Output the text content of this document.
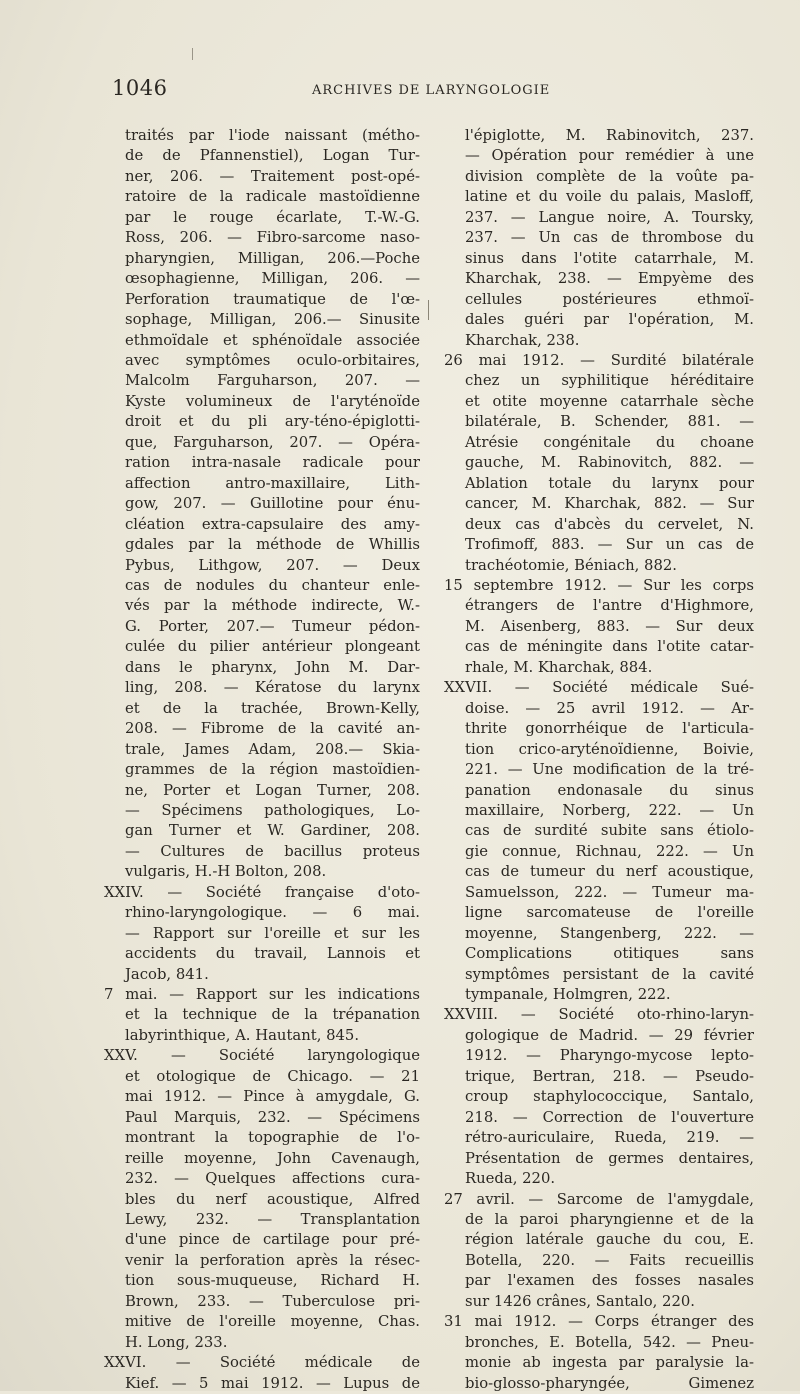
1046	ARCHIVES DE LARYNGOLOGIE
traités par l'iode naissant (métho-
de de Pfannenstiel), Logan Tur-
ner, 206. — Traitement post-opé-
ratoire de la radicale mastoïdienne
par le rouge écarlate, T.-W.-G.
Ross, 206. — Fibro-sarcome naso-
pharyngien, Milligan, 206.—Poche
œsophagienne, Milligan, 206. —
Perforation traumatique de l'œ-
sophage, Milligan, 206.— Sinusite
ethmoïdale et sphénoïdale associée
avec symptômes oculo-orbitaires,
Malcolm Farguharson, 207. —
Kyste volumineux de l'aryténoïde
droit et du pli ary-téno-épiglotti-
que, Farguharson, 207. — Opéra-
ration intra-nasale radicale pour
affection antro-maxillaire, Lith-
gow, 207. — Guillotine pour énu-
cléation extra-capsulaire des amy-
gdales par la méthode de Whillis
Pybus, Lithgow, 207. — Deux
cas de nodules du chanteur enle-
vés par la méthode indirecte, W.-
G. Porter, 207.— Tumeur pédon-
culée du pilier antérieur plongeant
dans le pharynx, John M. Dar-
ling, 208. — Kératose du larynx
et de la trachée, Brown-Kelly,
208. — Fibrome de la cavité an-
trale, James Adam, 208.— Skia-
grammes de la région mastoïdien-
ne, Porter et Logan Turner, 208.
— Spécimens pathologiques, Lo-
gan Turner et W. Gardiner, 208.
— Cultures de bacillus proteus
vulgaris, H.-H Bolton, 208.
XXIV. — Société française d'oto-
rhino-laryngologique. — 6 mai.
— Rapport sur l'oreille et sur les
accidents du travail, Lannois et
Jacob, 841.
7 mai. — Rapport sur les indications
et la technique de la trépanation
labyrinthique, A. Hautant, 845.
XXV. — Société laryngologique
et otologique de Chicago. — 21
mai 1912. — Pince à amygdale, G.
Paul Marquis, 232. — Spécimens
montrant la topographie de l'o-
reille moyenne, John Cavenaugh,
232. — Quelques affections cura-
bles du nerf acoustique, Alfred
Lewy, 232. — Transplantation
d'une pince de cartilage pour pré-
venir la perforation après la résec-
tion sous-muqueuse, Richard H.
Brown, 233. — Tuberculose pri-
mitive de l'oreille moyenne, Chas.
H. Long, 233.
XXVI. — Société médicale de
Kief. — 5 mai 1912. — Lupus de
l'épiglotte, M. Rabinovitch, 237.
— Opération pour remédier à une
division complète de la voûte pa-
latine et du voile du palais, Masloff,
237. — Langue noire, A. Toursky,
237. — Un cas de thrombose du
sinus dans l'otite catarrhale, M.
Kharchak, 238. — Empyème des
cellules postérieures ethmoï-
dales guéri par l'opération, M.
Kharchak, 238.
26 mai 1912. — Surdité bilatérale
chez un syphilitique héréditaire
et otite moyenne catarrhale sèche
bilatérale, B. Schender, 881. —
Atrésie congénitale du choane
gauche, M. Rabinovitch, 882. —
Ablation totale du larynx pour
cancer, M. Kharchak, 882. — Sur
deux cas d'abcès du cervelet, N.
Trofimoff, 883. — Sur un cas de
trachéotomie, Béniach, 882.
15 septembre 1912. — Sur les corps
étrangers de l'antre d'Highmore,
M. Aisenberg, 883. — Sur deux
cas de méningite dans l'otite catar-
rhale, M. Kharchak, 884.
XXVII. — Société médicale Sué-
doise. — 25 avril 1912. — Ar-
thrite gonorrhéique de l'articula-
tion crico-aryténoïdienne, Boivie,
221. — Une modification de la tré-
panation endonasale du sinus
maxillaire, Norberg, 222. — Un
cas de surdité subite sans étiolo-
gie connue, Richnau, 222. — Un
cas de tumeur du nerf acoustique,
Samuelsson, 222. — Tumeur ma-
ligne sarcomateuse de l'oreille
moyenne, Stangenberg, 222. —
Complications otitiques sans
symptômes persistant de la cavité
tympanale, Holmgren, 222.
XXVIII. — Société oto-rhino-laryn-
gologique de Madrid. — 29 février
1912. — Pharyngo-mycose lepto-
trique, Bertran, 218. — Pseudo-
croup staphylococcique, Santalo,
218. — Correction de l'ouverture
rétro-auriculaire, Rueda, 219. —
Présentation de germes dentaires,
Rueda, 220.
27 avril. — Sarcome de l'amygdale,
de la paroi pharyngienne et de la
région latérale gauche du cou, E.
Botella, 220. — Faits recueillis
par l'examen des fosses nasales
sur 1426 crânes, Santalo, 220.
31 mai 1912. — Corps étranger des
bronches, E. Botella, 542. — Pneu-
monie ab ingesta par paralysie la-
bio-glosso-pharyngée, Gimenez
